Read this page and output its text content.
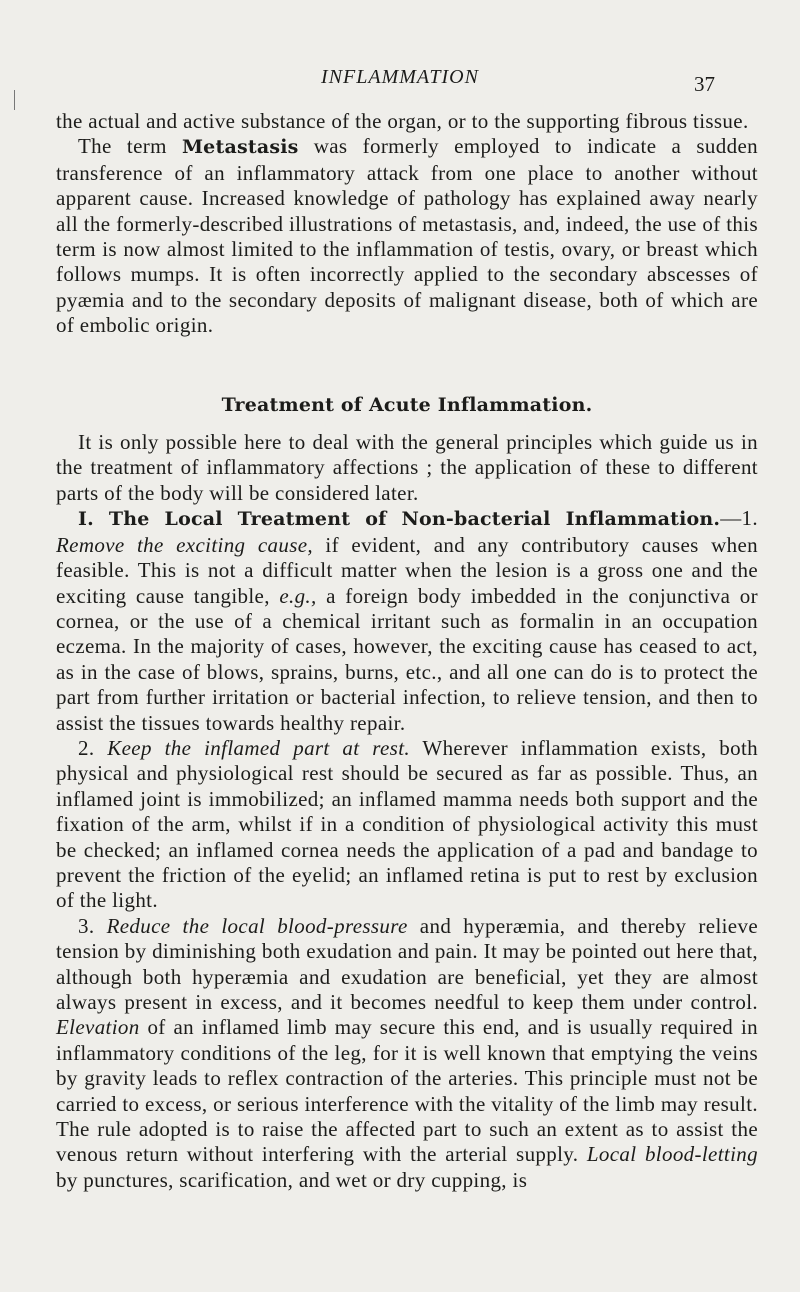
INFLAMMATION	37

the actual and active substance of the organ, or to the supporting fibrous tissue.

The term Metastasis was formerly employed to indicate a sudden transference of an inflammatory attack from one place to another without apparent cause. Increased knowledge of pathology has explained away nearly all the formerly-described illustrations of metastasis, and, indeed, the use of this term is now almost limited to the inflammation of testis, ovary, or breast which follows mumps. It is often incorrectly applied to the secondary abscesses of pyæmia and to the secondary deposits of malignant disease, both of which are of embolic origin.

Treatment of Acute Inflammation.

It is only possible here to deal with the general principles which guide us in the treatment of inflammatory affections ; the application of these to different parts of the body will be considered later.

I. The Local Treatment of Non-bacterial Inflammation.—1. Remove the exciting cause, if evident, and any contributory causes when feasible. This is not a difficult matter when the lesion is a gross one and the exciting cause tangible, e.g., a foreign body imbedded in the conjunctiva or cornea, or the use of a chemical irritant such as formalin in an occupation eczema. In the majority of cases, however, the exciting cause has ceased to act, as in the case of blows, sprains, burns, etc., and all one can do is to protect the part from further irritation or bacterial infection, to relieve tension, and then to assist the tissues towards healthy repair.

2. Keep the inflamed part at rest. Wherever inflammation exists, both physical and physiological rest should be secured as far as possible. Thus, an inflamed joint is immobilized; an inflamed mamma needs both support and the fixation of the arm, whilst if in a condition of physiological activity this must be checked; an inflamed cornea needs the application of a pad and bandage to prevent the friction of the eyelid; an inflamed retina is put to rest by exclusion of the light.

3. Reduce the local blood-pressure and hyperæmia, and thereby relieve tension by diminishing both exudation and pain. It may be pointed out here that, although both hyperæmia and exudation are beneficial, yet they are almost always present in excess, and it becomes needful to keep them under control. Elevation of an inflamed limb may secure this end, and is usually required in inflammatory conditions of the leg, for it is well known that emptying the veins by gravity leads to reflex contraction of the arteries. This principle must not be carried to excess, or serious interference with the vitality of the limb may result. The rule adopted is to raise the affected part to such an extent as to assist the venous return without interfering with the arterial supply. Local blood-letting by punctures, scarification, and wet or dry cupping, is
